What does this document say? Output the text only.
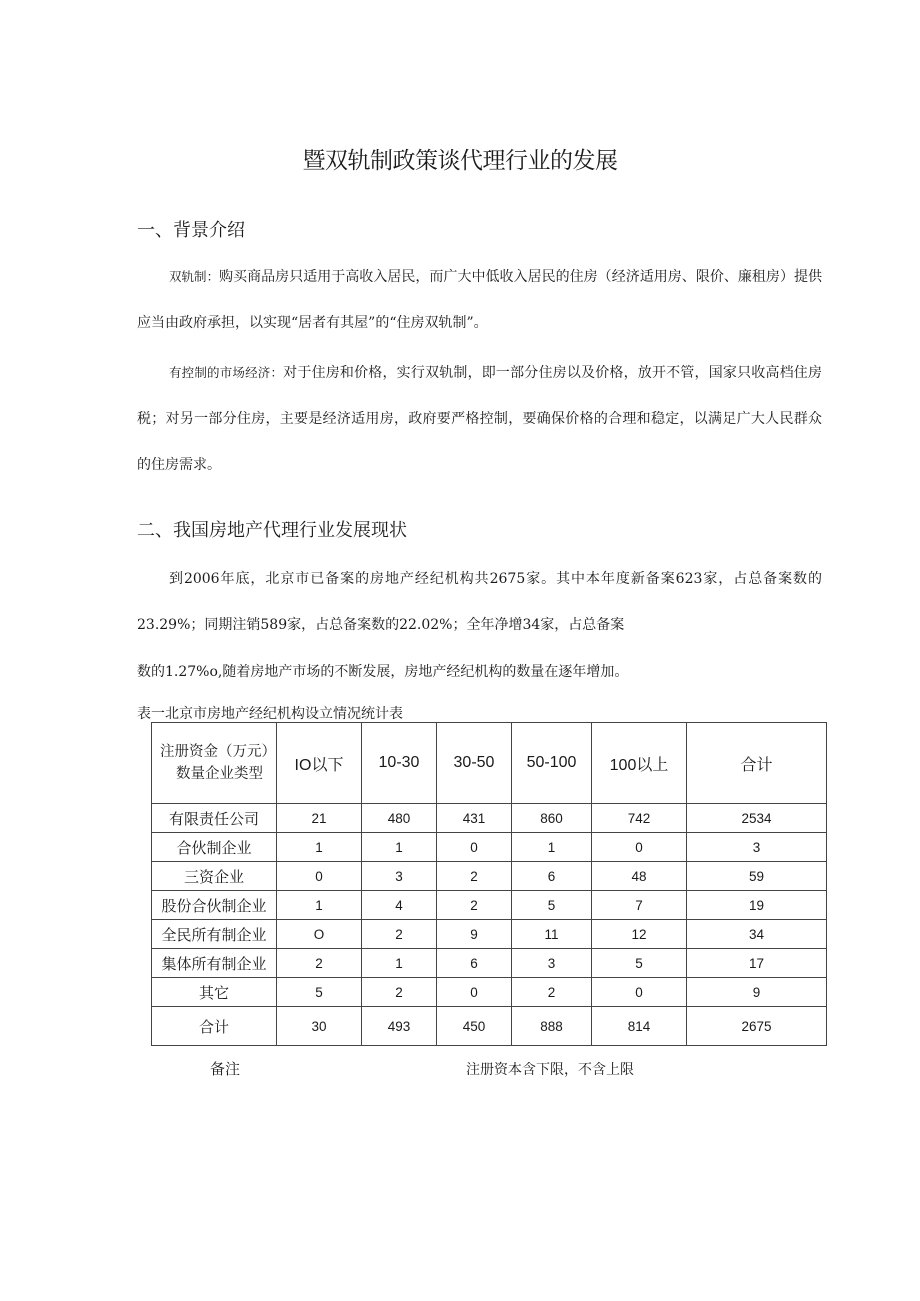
暨双轨制政策谈代理行业的发展
一、背景介绍

双轨制：购买商品房只适用于高收入居民，而广大中低收入居民的住房（经济适用房、限价、廉租房）提供应当由政府承担，以实现“居者有其屋”的“住房双轨制”。

有控制的市场经济：对于住房和价格，实行双轨制，即一部分住房以及价格，放开不管，国家只收高档住房税；对另一部分住房，主要是经济适用房，政府要严格控制，要确保价格的合理和稳定，以满足广大人民群众的住房需求。

二、我国房地产代理行业发展现状

到2006年底，北京市已备案的房地产经纪机构共2675家。其中本年度新备案623家，占总备案数的23.29%；同期注销589家，占总备案数的22.02%；全年净增34家，占总备案

数的1.27%o,随着房地产市场的不断发展，房地产经纪机构的数量在逐年增加。

表一北京市房地产经纪机构设立情况统计表

注册资金（万元）
数量企业类型	IO以下	10-30	30-50	50-100	100以上	合计
有限责任公司	21	480	431	860	742	2534
合伙制企业	1	1	0	1	0	3
三资企业	0	3	2	6	48	59
股份合伙制企业	1	4	2	5	7	19
全民所有制企业	O	2	9	11	12	34
集体所有制企业	2	1	6	3	5	17
其它	5	2	0	2	0	9
合计	30	493	450	888	814	2675

备注	注册资本含下限，不含上限
